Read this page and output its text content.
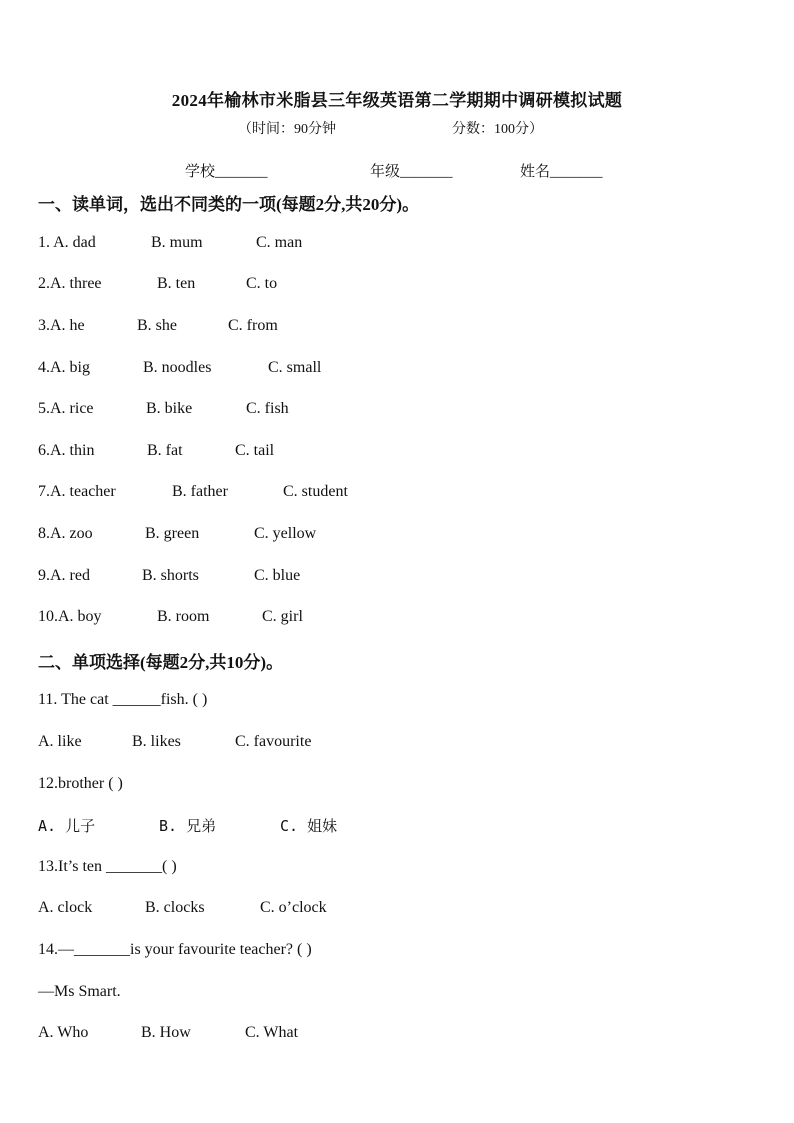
2024年榆林市米脂县三年级英语第二学期期中调研模拟试题
（时间：90分钟	分数：100分）
学校_______	年级_______	姓名_______
一、读单词，选出不同类的一项(每题2分,共20分)。
1. A. dad	B. mum	C. man
2.A. three	B. ten	C. to
3.A. he	B. she	C. from
4.A. big	B. noodles	C. small
5.A. rice	B. bike	C. fish
6.A. thin	B. fat	C. tail
7.A. teacher	B. father	C. student
8.A. zoo	B. green	C. yellow
9.A. red	B. shorts	C. blue
10.A. boy	B. room	C. girl
二、单项选择(每题2分,共10分)。
11. The cat ______fish. ( )
A. like	B. likes	C. favourite
12.brother ( )
A. 儿子	B. 兄弟	C. 姐妹
13.It’s ten _______( )
A. clock	B. clocks	C. o’clock
14.—_______is your favourite teacher? ( )
—Ms Smart.
A. Who	B. How	C. What
